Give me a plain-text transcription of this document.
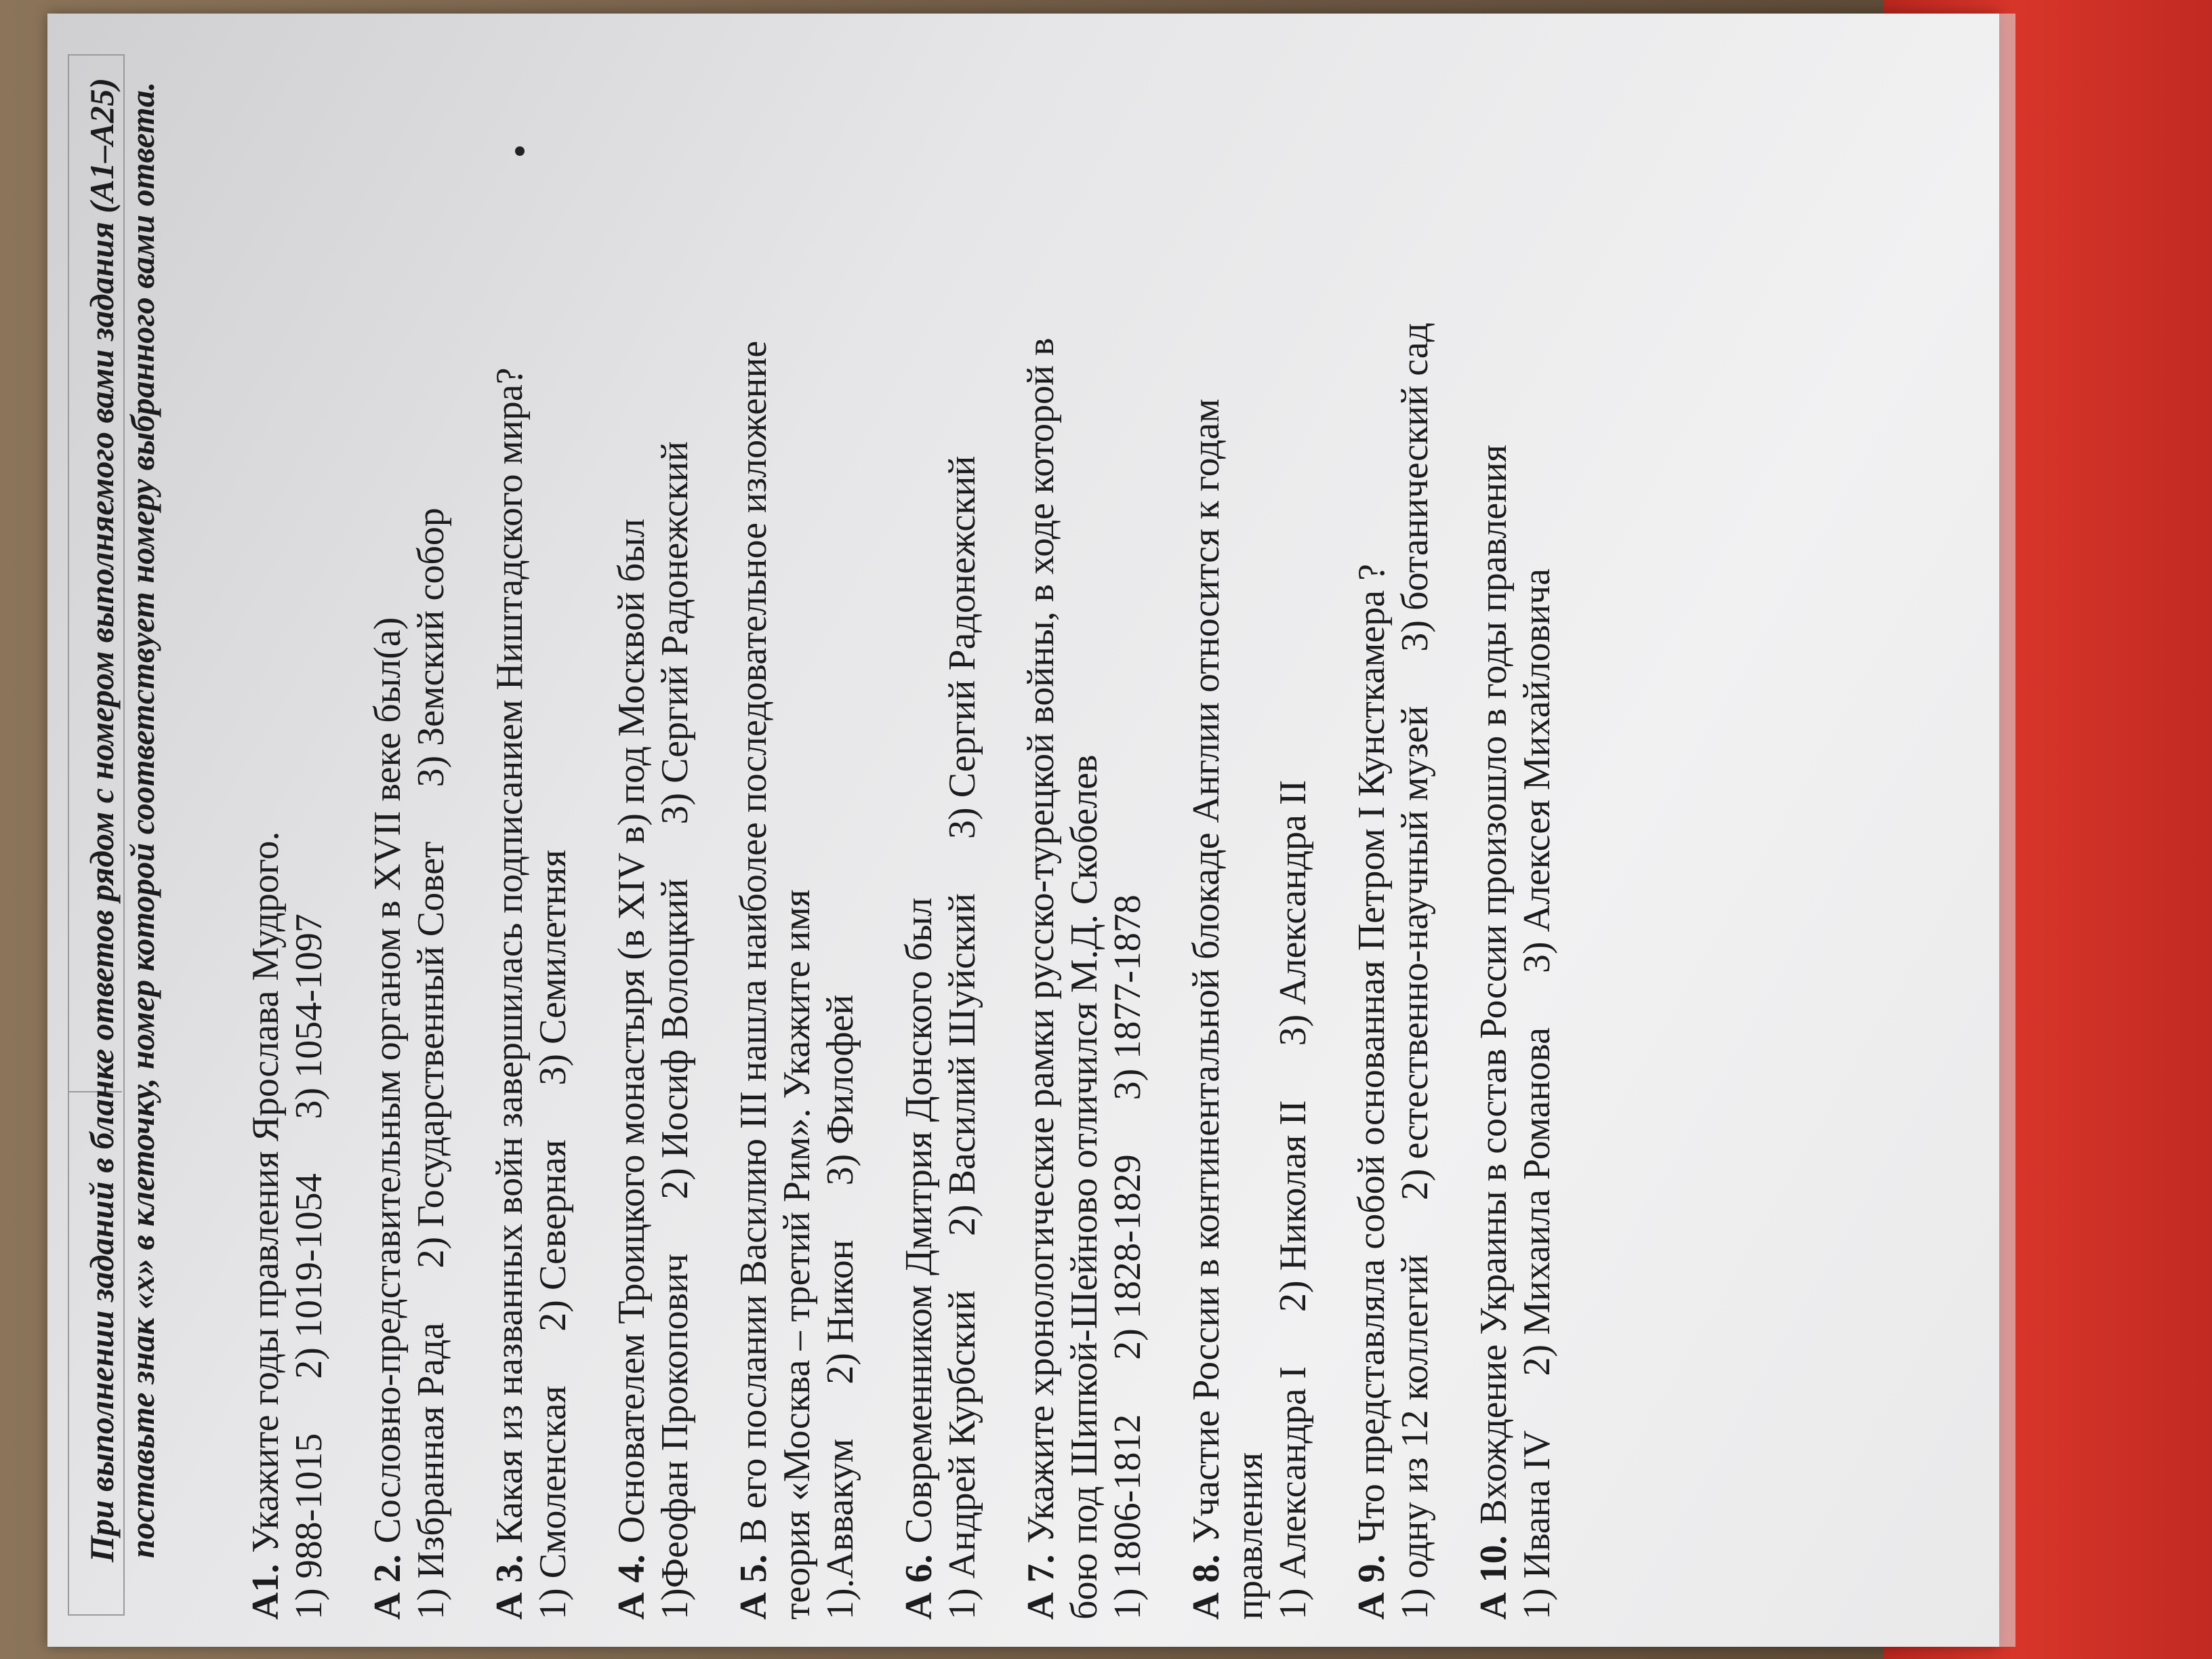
При выполнении заданий в бланке ответов рядом с номером выполняемого вами задания (А1–А25) поставьте знак «х» в клеточку, номер которой соответствует номеру выбранного вами ответа.
А1.Укажите годы правления Ярослава Мудрого. 1) 988-10152) 1019-10543) 1054-1097
А 2.Сословно-представительным органом в XVII веке был(а) 1) Избранная Рада2) Государственный Совет3) Земский собор
А 3.Какая из названных войн завершилась подписанием Ништадского мира? 1) Смоленская2) Северная3) Семилетняя
А 4.Основателем Троицкого монастыря (в XIV в) под Москвой был 1)Феофан Прокопович2) Иосиф Волоцкий3) Сергий Радонежский
А 5.В его послании Василию III нашла наиболее последовательное изложение теория «Москва – третий Рим». Укажите имя 1).Аввакум2) Никон3) Филофей
А 6.Современником Дмитрия Донского был 1) Андрей Курбский2) Василий Шуйский3) Сергий Радонежский
А 7.Укажите хронологические рамки русско-турецкой войны, в ходе которой в бою под Шипкой-Шейново отличился М.Д. Скобелев 1) 1806-18122) 1828-18293) 1877-1878
А 8.Участие России в континентальной блокаде Англии относится к годам правления 1) Александра I2) Николая II3) Александра II
А 9.Что представляла собой основанная Петром I Кунсткамера ? 1) одну из 12 коллегий2) естественно-научный музей3) ботанический сад
А 10.Вхождение Украины в состав России произошло в годы правления
1) Ивана IV2) Михаила Романова3) Алексея Михайловича
